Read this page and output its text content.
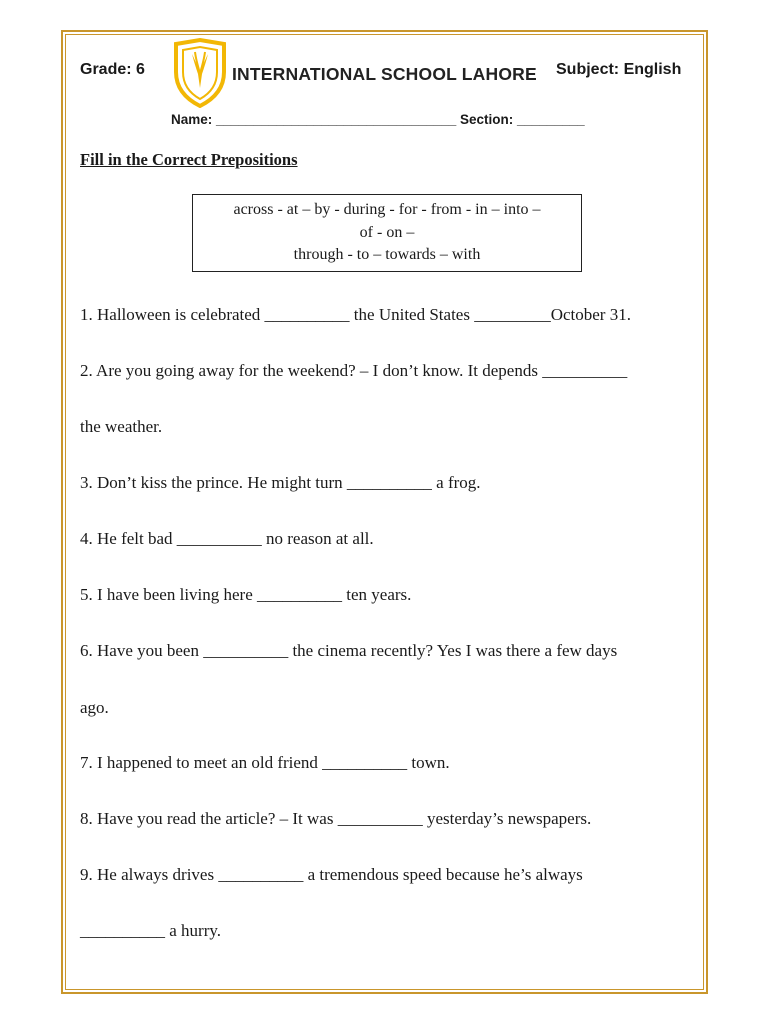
Grade: 6	INTERNATIONAL SCHOOL LAHORE Subject: English
Name: ________________________________ Section: _________
Fill in the Correct Prepositions
across - at – by - during - for - from - in – into –
of - on –
through - to – towards – with
1. Halloween is celebrated __________ the United States _________October 31.
2. Are you going away for the weekend? – I don’t know. It depends __________
the weather.
3. Don’t kiss the prince. He might turn __________ a frog.
4. He felt bad __________ no reason at all.
5. I have been living here __________ ten years.
6. Have you been __________ the cinema recently? Yes I was there a few days
ago.
7. I happened to meet an old friend __________ town.
8. Have you read the article? – It was __________ yesterday’s newspapers.
9. He always drives __________ a tremendous speed because he’s always
__________ a hurry.
